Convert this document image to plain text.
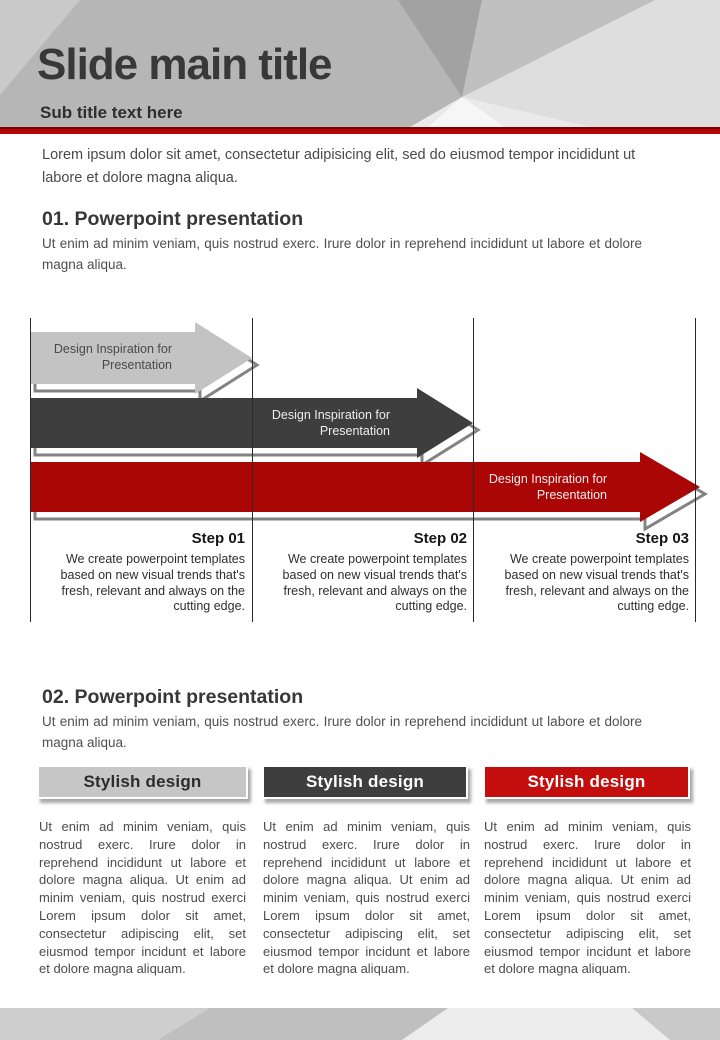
Slide main title
Sub title text here
Lorem ipsum dolor sit amet, consectetur adipisicing elit, sed do eiusmod tempor incididunt ut labore et dolore magna aliqua.
01. Powerpoint presentation
Ut enim ad minim veniam, quis nostrud exerc. Irure dolor in reprehend incididunt ut labore et dolore magna aliqua.
Design Inspiration for
Presentation
Design Inspiration for
Presentation
Design Inspiration for
Presentation
Step 01
We create powerpoint templates based on new visual trends that's fresh, relevant and always on the cutting edge.
Step 02
We create powerpoint templates based on new visual trends that's fresh, relevant and always on the cutting edge.
Step 03
We create powerpoint templates based on new visual trends that's fresh, relevant and always on the cutting edge.
02. Powerpoint presentation
Ut enim ad minim veniam, quis nostrud exerc. Irure dolor in reprehend incididunt ut labore et dolore magna aliqua.
Stylish design	Stylish design	Stylish design
Ut enim ad minim veniam, quis nostrud exerc. Irure dolor in reprehend incididunt ut labore et dolore magna aliqua. Ut enim ad minim veniam, quis nostrud exerci Lorem ipsum dolor sit amet, consectetur adipiscing elit, set eiusmod tempor incidunt et labore et dolore magna aliquam.
Ut enim ad minim veniam, quis nostrud exerc. Irure dolor in reprehend incididunt ut labore et dolore magna aliqua. Ut enim ad minim veniam, quis nostrud exerci Lorem ipsum dolor sit amet, consectetur adipiscing elit, set eiusmod tempor incidunt et labore et dolore magna aliquam.
Ut enim ad minim veniam, quis nostrud exerc. Irure dolor in reprehend incididunt ut labore et dolore magna aliqua. Ut enim ad minim veniam, quis nostrud exerci Lorem ipsum dolor sit amet, consectetur adipiscing elit, set eiusmod tempor incidunt et labore et dolore magna aliquam.
